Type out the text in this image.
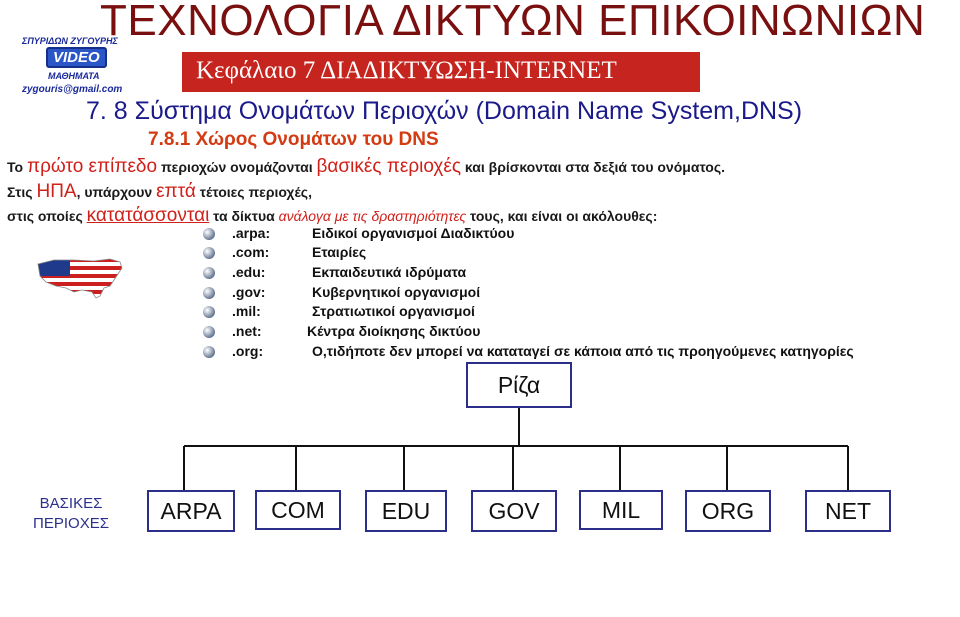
ΤΕΧΝΟΛΟΓΙΑ ΔΙΚΤΥΩΝ ΕΠΙΚΟΙΝΩΝΙΩΝ
ΣΠΥΡΙΔΩΝ ΖΥΓΟΥΡΗΣ
VIDEO
ΜΑΘΗΜΑΤΑ
zygouris@gmail.com
Κεφάλαιο 7 ΔΙΑΔΙΚΤΥΩΣΗ-INTERNET
7. 8 Σύστημα Ονομάτων Περιοχών (Domain Name System,DNS)
7.8.1 Χώρος Ονομάτων του DNS
Το πρώτο επίπεδο περιοχών ονομάζονται βασικές περιοχές και βρίσκονται στα δεξιά του ονόματος.
Στις ΗΠΑ, υπάρχουν επτά τέτοιες περιοχές,
στις οποίες κατατάσσονται τα δίκτυα ανάλογα με τις δραστηριότητες τους, και είναι οι ακόλουθες:
.arpa:	Ειδικοί οργανισμοί Διαδικτύου
.com:	Εταιρίες
.edu:	Εκπαιδευτικά ιδρύματα
.gov:	Κυβερνητικοί οργανισμοί
.mil:	Στρατιωτικοί οργανισμοί
.net:	Κέντρα διοίκησης δικτύου
.org:	Ο,τιδήποτε δεν μπορεί να καταταγεί σε κάποια από τις προηγούμενες κατηγορίες
Ρίζα
ΒΑΣΙΚΕΣ
ΠΕΡΙΟΧΕΣ	ARPA	COM	EDU	GOV	MIL	ORG	NET
